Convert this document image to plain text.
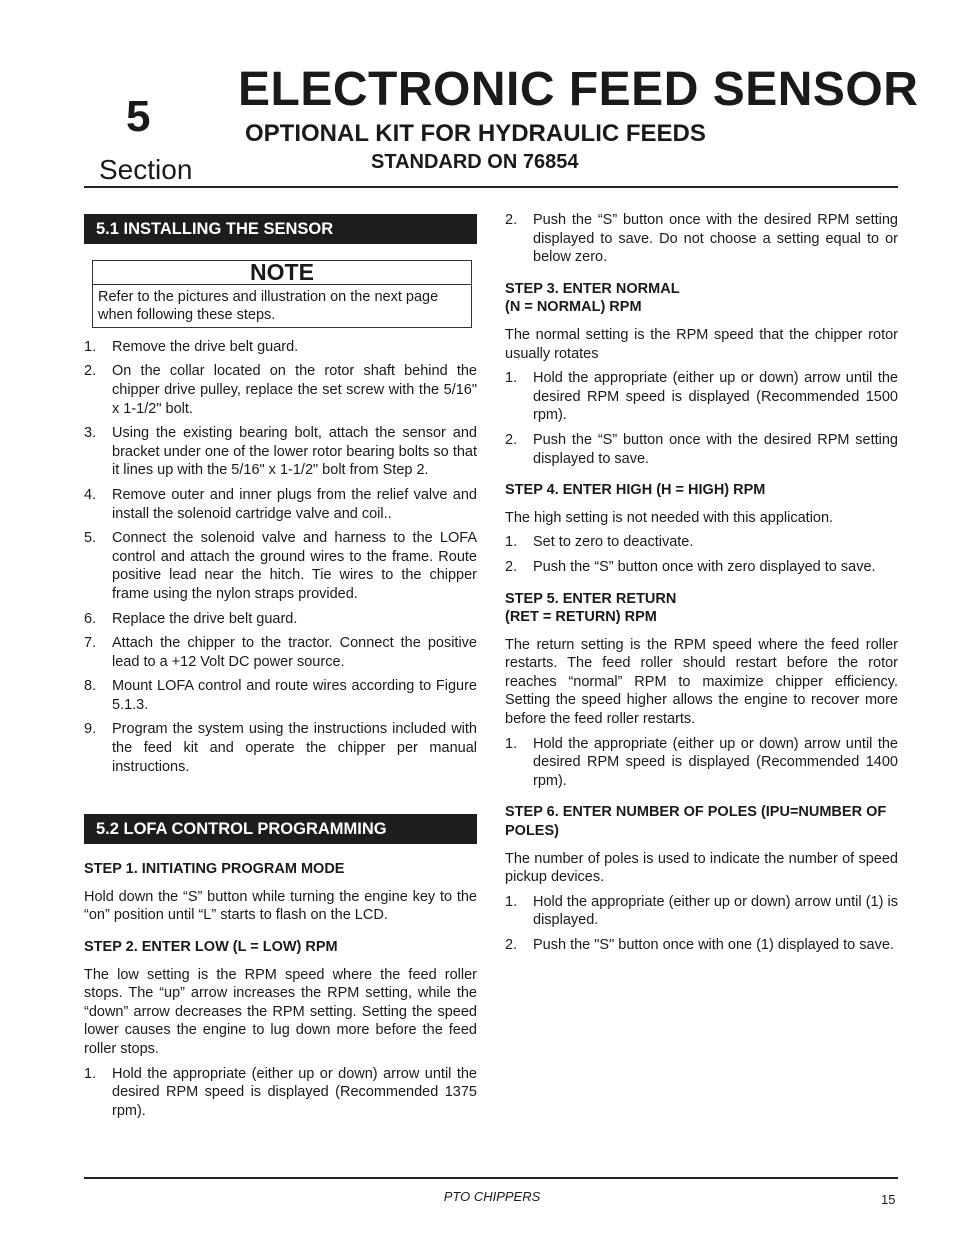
5
Section
ELECTRONIC FEED SENSOR
OPTIONAL KIT FOR HYDRAULIC FEEDS
STANDARD ON 76854
5.1 INSTALLING THE SENSOR
NOTE
Refer to the pictures and illustration on the next page when following these steps.
1. Remove the drive belt guard.
2. On the collar located on the rotor shaft behind the chipper drive pulley, replace the set screw with the 5/16" x 1-1/2" bolt.
3. Using the existing bearing bolt, attach the sensor and bracket under one of the lower rotor bearing bolts so that it lines up with the 5/16" x 1-1/2" bolt from Step 2.
4. Remove outer and inner plugs from the relief valve and install the solenoid cartridge valve and coil..
5. Connect the solenoid valve and harness to the LOFA control and attach the ground wires to the frame. Route positive lead near the hitch. Tie wires to the chipper frame using the nylon straps provided.
6. Replace the drive belt guard.
7. Attach the chipper to the tractor. Connect the positive lead to a +12 Volt DC power source.
8. Mount LOFA control and route wires according to Figure 5.1.3.
9. Program the system using the instructions included with the feed kit and operate the chipper per manual instructions.
5.2 LOFA CONTROL PROGRAMMING
STEP 1. INITIATING PROGRAM MODE
Hold down the “S” button while turning the engine key to the “on” position until “L” starts to flash on the LCD.
STEP 2. ENTER LOW (L = LOW) RPM
The low setting is the RPM speed where the feed roller stops. The “up” arrow increases the RPM setting, while the “down” arrow decreases the RPM setting. Setting the speed lower causes the engine to lug down more before the feed roller stops.
1. Hold the appropriate (either up or down) arrow until the desired RPM speed is displayed (Recommended 1375 rpm).
2. Push the “S” button once with the desired RPM setting displayed to save. Do not choose a setting equal to or below zero.
STEP 3. ENTER NORMAL
(N = NORMAL) RPM
The normal setting is the RPM speed that the chipper rotor usually rotates
1. Hold the appropriate (either up or down) arrow until the desired RPM speed is displayed (Recommended 1500 rpm).
2. Push the “S” button once with the desired RPM setting displayed to save.
STEP 4. ENTER HIGH (H = HIGH) RPM
The high setting is not needed with this application.
1. Set to zero to deactivate.
2. Push the “S” button once with zero displayed to save.
STEP 5. ENTER RETURN
(RET = RETURN) RPM
The return setting is the RPM speed where the feed roller restarts. The feed roller should restart before the rotor reaches “normal” RPM to maximize chipper efficiency. Setting the speed higher allows the engine to recover more before the feed roller restarts.
1. Hold the appropriate (either up or down) arrow until the desired RPM speed is displayed (Recommended 1400 rpm).
STEP 6. ENTER NUMBER OF POLES (IPU=NUMBER OF POLES)
The number of poles is used to indicate the number of speed pickup devices.
1. Hold the appropriate (either up or down) arrow until (1) is displayed.
2. Push the "S" button once with one (1) displayed to save.
PTO CHIPPERS	15
